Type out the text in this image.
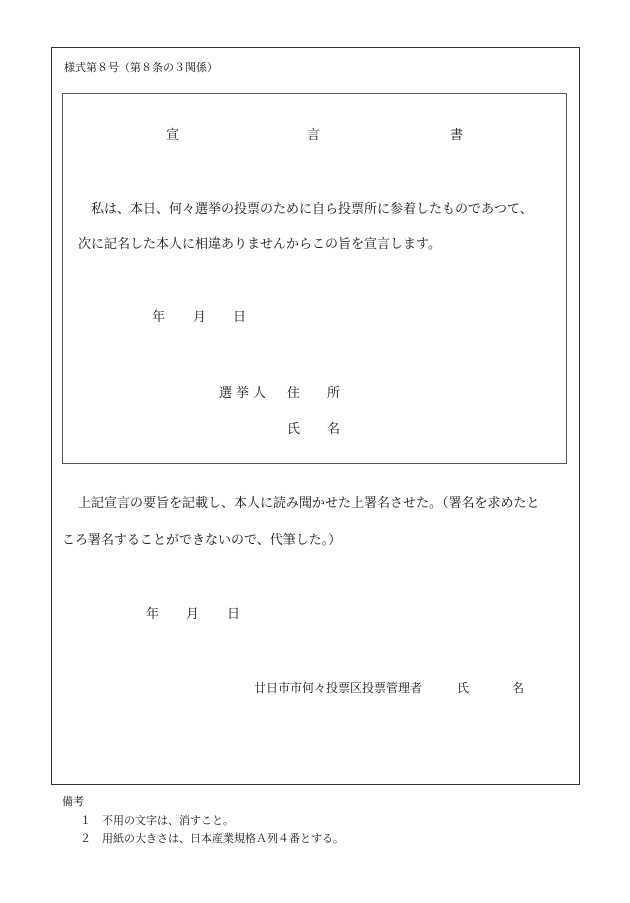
様式第８号（第８条の３関係）
宣	言	書
私は、本日、何々選挙の投票のために自ら投票所に参着したものであつて、
次に記名した本人に相違ありませんからこの旨を宣言します。
年 月 日
選挙人 住 所
氏 名
上記宣言の要旨を記載し、本人に読み聞かせた上署名させた。（署名を求めたと
ころ署名することができないので、代筆した。）
年 月 日
廿日市市何々投票区投票管理者	氏	名
備考
１ 不用の文字は、消すこと。
２ 用紙の大きさは、日本産業規格Ａ列４番とする。
